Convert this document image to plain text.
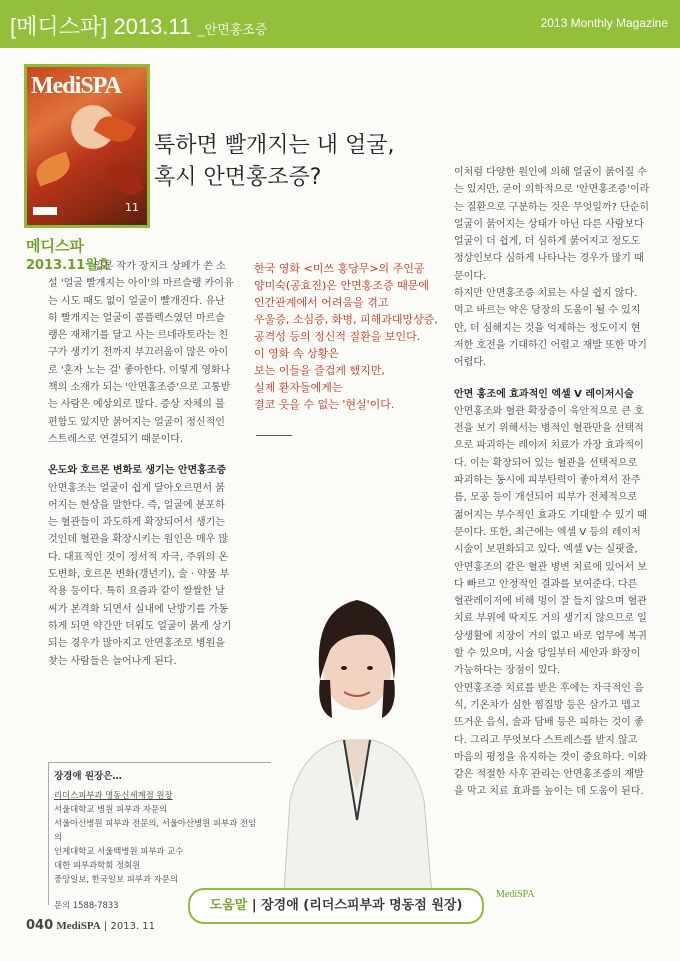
[메디스파] 2013.11 _안면홍조증	2013 Monthly Magazine
MediSPA
11
툭하면 빨개지는 내 얼굴,
혹시 안면홍조증?
메디스파
2013.11월호

일본 작가 장지크 상페가 쓴 소설 '얼굴 빨개지는 아이'의 마르슬랭 카이유는 시도 때도 없이 얼굴이 빨개진다. 유난히 빨개지는 얼굴이 콤플렉스였던 마르슬랭은 재채기를 달고 사는 르네라토라는 친구가 생기기 전까지 부끄러움이 많은 아이로 '혼자 노는 걸' 좋아한다. 이렇게 영화나 책의 소재가 되는 '안면홍조증'으로 고통받는 사람은 예상외로 많다. 증상 자체의 불편함도 있지만 붉어지는 얼굴이 정신적인 스트레스로 연결되기 때문이다.

온도와 호르몬 변화로 생기는 안면홍조증

안면홍조는 얼굴이 쉽게 달아오르면서 붉어지는 현상을 말한다. 즉, 얼굴에 분포하는 혈관들이 과도하게 확장되어서 생기는 것인데 혈관을 확장시키는 원인은 매우 많다. 대표적인 것이 정서적 자극, 주위의 온도변화, 호르몬 변화(갱년기), 술 · 약물 부작용 등이다. 특히 요즘과 같이 쌀쌀한 날씨가 본격화 되면서 실내에 난방기를 가동하게 되면 약간만 더워도 얼굴이 붉게 상기되는 경우가 많아지고 안면홍조로 병원을 찾는 사람들은 늘어나게 된다.

한국 영화 <미쓰 홍당무>의 주인공
양미숙(공효진)은 안면홍조증 때문에
인간관계에서 어려움을 겪고
우울증, 소심증, 화병, 피해과대망상증,
공격성 등의 정신적 질환을 보인다.
이 영화 속 상황은
보는 이들을 즐겁게 했지만,
실제 환자들에게는
결코 웃을 수 없는 '현실'이다.

이처럼 다양한 원인에 의해 얼굴이 붉어질 수는 있지만, 굳이 의학적으로 '안면홍조증'이라는 질환으로 구분하는 것은 무엇일까? 단순히 얼굴이 붉어지는 상태가 아닌 다른 사람보다 얼굴이 더 쉽게, 더 심하게 붉어지고 정도도 정상인보다 심하게 나타나는 경우가 많기 때문이다.

하지만 안면홍조증 치료는 사실 쉽지 않다. 먹고 바르는 약은 당장의 도움이 될 수 있지만, 더 심해지는 것을 억제하는 정도이지 현저한 호전을 기대하긴 어렵고 재발 또한 막기 어렵다.

안면 홍조에 효과적인 엑셀 V 레이저시술

안면홍조와 혈관 확장증이 육안적으로 큰 호전을 보기 위해서는 병적인 혈관만을 선택적으로 파괴하는 레이저 치료가 가장 효과적이다. 이는 확장되어 있는 혈관을 선택적으로 파괴하는 동시에 피부탄력이 좋아져서 잔주름, 모공 등이 개선되어 피부가 전체적으로 젊어지는 부수적인 효과도 기대할 수 있기 때문이다. 또한, 최근에는 엑셀 V 등의 레이저시술이 보편화되고 있다. 엑셀 V는 실핏줄, 안면홍조의 같은 혈관 병변 치료에 있어서 보다 빠르고 안정적인 결과를 보여준다. 다른 혈관레이저에 비해 멍이 잘 들지 않으며 혈관 치료 부위에 딱지도 거의 생기지 않으므로 일상생활에 지장이 거의 없고 바로 업무에 복귀할 수 있으며, 시술 당일부터 세안과 화장이 가능하다는 장점이 있다.

안면홍조증 치료를 받은 후에는 자극적인 음식, 기온차가 심한 찜질방 등은 삼가고 맵고 뜨거운 음식, 술과 담배 등은 피하는 것이 좋다. 그리고 무엇보다 스트레스를 받지 않고 마음의 평정을 유지하는 것이 중요하다. 이와 같은 적절한 사후 관리는 안면홍조증의 재발을 막고 치료 효과를 높이는 데 도움이 된다.

MediSPA
장경애 원장은…
리더스피부과 명동신세계점 원장
서울대학교 병원 피부과 자문의
서울아산병원 피부과 전문의, 서울아산병원 피부과 전임의
인제대학교 서울백병원 피부과 교수
대한 피부과학회 정회원
중앙일보, 한국일보 피부과 자문의
문의 1588-7833	도움말 | 장경애 (리더스피부과 명동점 원장)
040 MediSPA | 2013. 11
